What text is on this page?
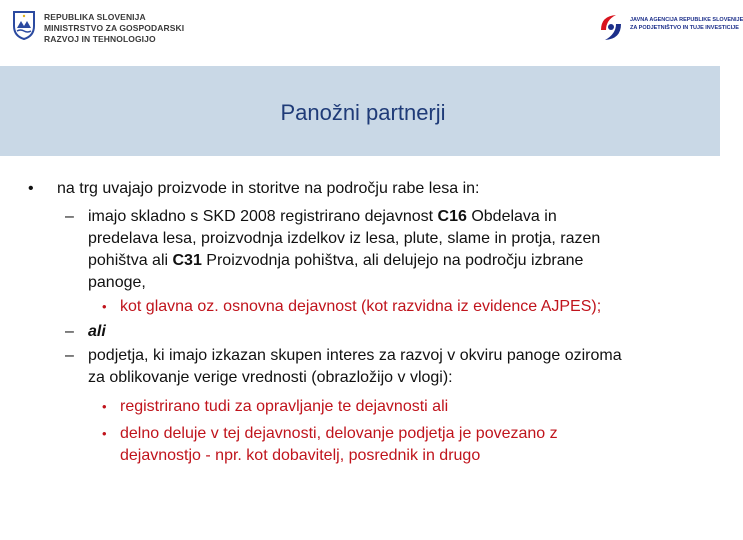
REPUBLIKA SLOVENIJA
MINISTRSTVO ZA GOSPODARSKI
RAZVOJ IN TEHNOLOGIJO
JAVNA AGENCIJA REPUBLIKE SLOVENIJE
ZA PODJETNIŠTVO IN TUJE INVESTICIJE
Panožni partnerji
• na trg uvajajo proizvode in storitve na področju rabe lesa in:
– imajo skladno s SKD 2008 registrirano dejavnost C16 Obdelava in
predelava lesa, proizvodnja izdelkov iz lesa, plute, slame in protja, razen
pohištva ali C31 Proizvodnja pohištva, ali delujejo na področju izbrane
panoge,
• kot glavna oz. osnovna dejavnost (kot razvidna iz evidence AJPES);
– ali
– podjetja, ki imajo izkazan skupen interes za razvoj v okviru panoge oziroma
za oblikovanje verige vrednosti (obrazložijo v vlogi):
• registrirano tudi za opravljanje te dejavnosti ali
• delno deluje v tej dejavnosti, delovanje podjetja je povezano z
dejavnostjo - npr. kot dobavitelj, posrednik in drugo
